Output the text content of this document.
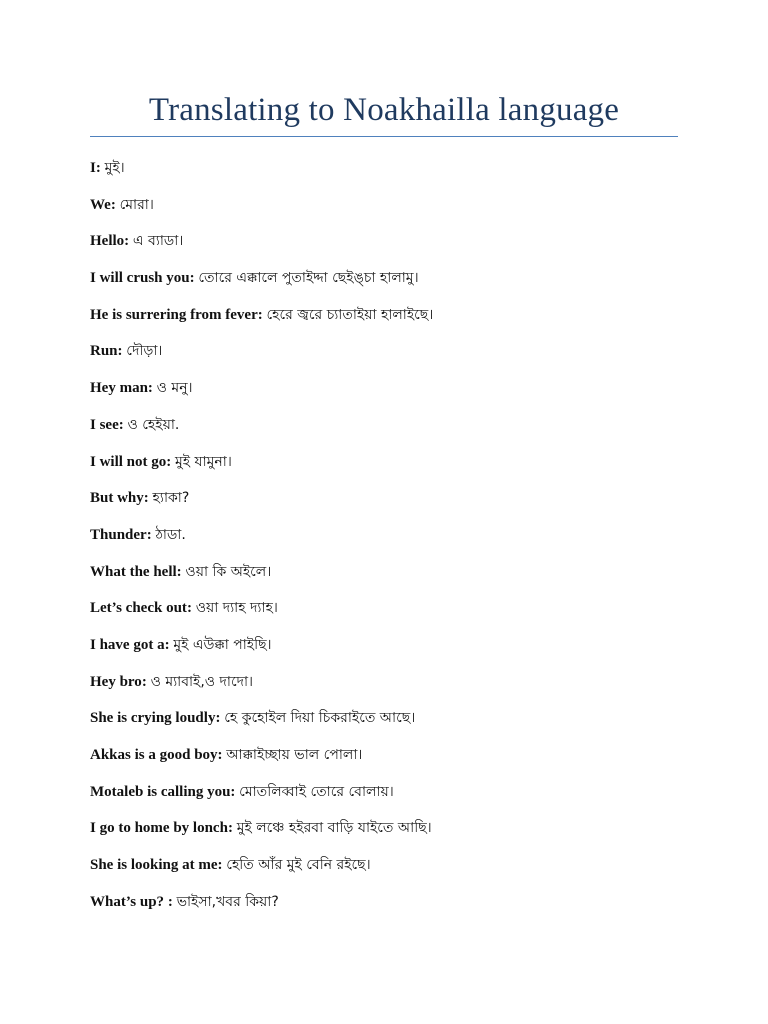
Translating to Noakhailla language
I: মুই।
We: মোরা।
Hello: এ ব্যাডা।
I will crush you: তোরে এক্কালে পুতাইদ্দা ছেইঙ্চা হালামু।
He is surrering from fever: হেরে জ্বরে চ্যাতাইয়া হালাইছে।
Run: দৌড়া।
Hey man: ও মনু।
I see: ও হেইয়া.
I will not go: মুই যামুনা।
But why: হ্যাকা?
Thunder: ঠাডা.
What the hell: ওয়া কি অইলে।
Let’s check out: ওয়া দ্যাহ দ্যাহ।
I have got a: মুই এউক্কা পাইছি।
Hey bro: ও ম্যাবাই,ও দাদো।
She is crying loudly: হে কুহোইল দিয়া চিকরাইতে আছে।
Akkas is a good boy: আক্কাইচ্ছায় ভাল পোলা।
Motaleb is calling you: মোতলিব্বাই তোরে বোলায়।
I go to home by lonch: মুই লঞ্চে হইরবা বাড়ি যাইতে আছি।
She is looking at me: হেতি আঁর মুই বেনি রইছে।
What’s up? : ভাইসা,খবর কিয়া?
